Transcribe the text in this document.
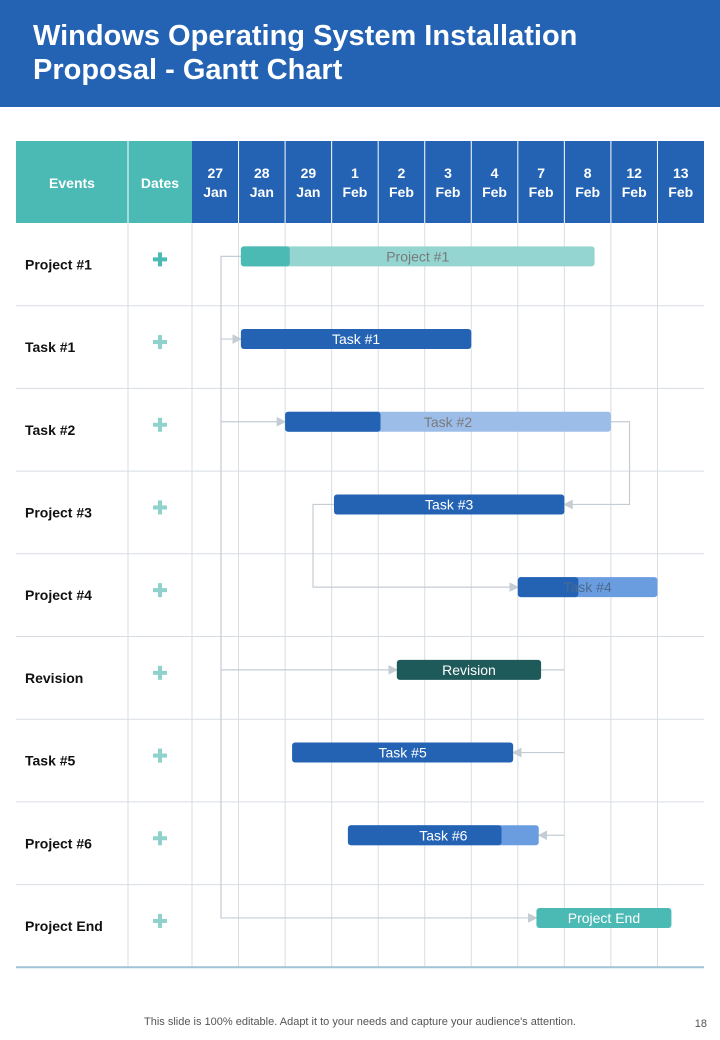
Windows Operating System Installation Proposal - Gantt Chart
Events	Dates
27
Jan
28
Jan
29
Jan
1
Feb
2
Feb
3
Feb
4
Feb
7
Feb
8
Feb
12
Feb
13
Feb
Project #1
Task #1
Task #2
Project #3
Project #4
Revision
Task #5
Project #6
Project End
Project #1
Task #1
Task #2
Task #3
Task #4
Revision
Task #5
Task #6
Project End
This slide is 100% editable. Adapt it to your needs and capture your audience's attention.	18
